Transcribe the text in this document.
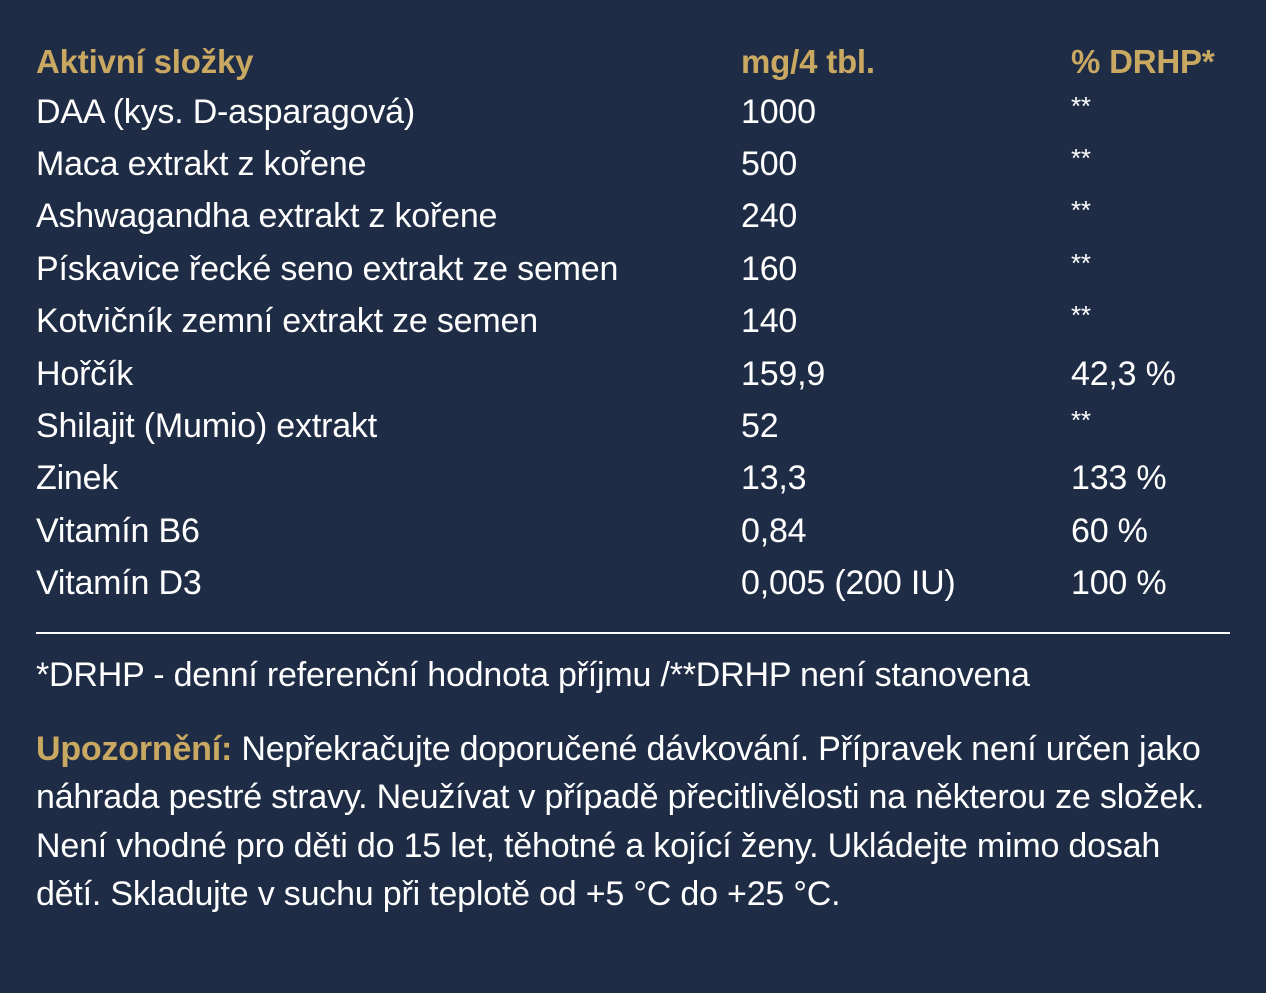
Aktivní složky	mg/4 tbl.	% DRHP*
DAA (kys. D-asparagová)	1000	**
Maca extrakt z kořene	500	**
Ashwagandha extrakt z kořene	240	**
Pískavice řecké seno extrakt ze semen	160	**
Kotvičník zemní extrakt ze semen	140	**
Hořčík	159,9	42,3 %
Shilajit (Mumio) extrakt	52	**
Zinek	13,3	133 %
Vitamín B6	0,84	60 %
Vitamín D3	0,005 (200 IU)	100 %
*DRHP - denní referenční hodnota příjmu /**DRHP není stanovena
Upozornění: Nepřekračujte doporučené dávkování. Přípravek není určen jako náhrada pestré stravy. Neužívat v případě přecitlivělosti na některou ze složek. Není vhodné pro děti do 15 let, těhotné a kojící ženy. Ukládejte mimo dosah dětí. Skladujte v suchu při teplotě od +5 °C do +25 °C.
